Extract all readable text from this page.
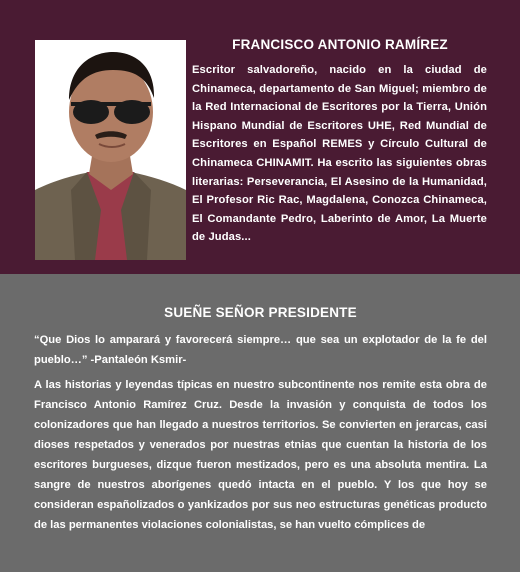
FRANCISCO ANTONIO RAMÍREZ
Escritor salvadoreño, nacido en la ciudad de Chinameca, departamento de San Miguel; miembro de la Red Internacional de Escritores por la Tierra, Unión Hispano Mundial de Escritores UHE, Red Mundial de Escritores en Español REMES y Círculo Cultural de Chinameca CHINAMIT. Ha escrito las siguientes obras literarias: Perseverancia, El Asesino de la Humanidad, El Profesor Ric Rac, Magdalena, Conozca Chinameca, El Comandante Pedro, Laberinto de Amor, La Muerte de Judas...
SUEÑE SEÑOR PRESIDENTE
“Que Dios lo amparará y favorecerá siempre… que sea un explotador de la fe del pueblo…” -Pantaleón Ksmir-
A las historias y leyendas típicas en nuestro subcontinente nos remite esta obra de Francisco Antonio Ramírez Cruz. Desde la invasión y conquista de todos los colonizadores que han llegado a nuestros territorios. Se convierten en jerarcas, casi dioses respetados y venerados por nuestras etnias que cuentan la historia de los escritores burgueses, dizque fueron mestizados, pero es una absoluta mentira. La sangre de nuestros aborígenes quedó intacta en el pueblo. Y los que hoy se consideran españolizados o yankizados por sus neo estructuras genéticas producto de las permanentes violaciones colonialistas, se han vuelto cómplices de
